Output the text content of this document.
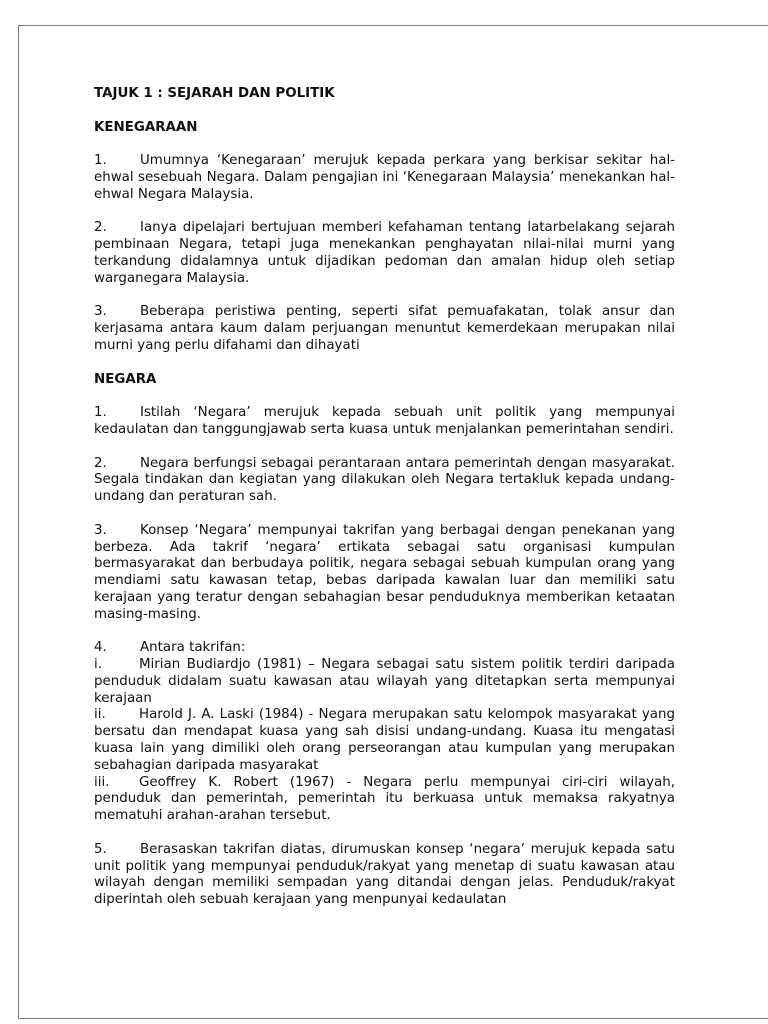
TAJUK 1 : SEJARAH DAN POLITIK
KENEGARAAN

1. Umumnya ‘Kenegaraan’ merujuk kepada perkara yang berkisar sekitar hal-ehwal sesebuah Negara. Dalam pengajian ini ‘Kenegaraan Malaysia’ menekankan hal-ehwal Negara Malaysia.

2. Ianya dipelajari bertujuan memberi kefahaman tentang latarbelakang sejarah pembinaan Negara, tetapi juga menekankan penghayatan nilai-nilai murni yang terkandung didalamnya untuk dijadikan pedoman dan amalan hidup oleh setiap warganegara Malaysia.

3. Beberapa peristiwa penting, seperti sifat pemuafakatan, tolak ansur dan kerjasama antara kaum dalam perjuangan menuntut kemerdekaan merupakan nilai murni yang perlu difahami dan dihayati

NEGARA

1. Istilah ‘Negara’ merujuk kepada sebuah unit politik yang mempunyai kedaulatan dan tanggungjawab serta kuasa untuk menjalankan pemerintahan sendiri.

2. Negara berfungsi sebagai perantaraan antara pemerintah dengan masyarakat. Segala tindakan dan kegiatan yang dilakukan oleh Negara tertakluk kepada undang-undang dan peraturan sah.

3. Konsep ‘Negara’ mempunyai takrifan yang berbagai dengan penekanan yang berbeza. Ada takrif ‘negara’ ertikata sebagai satu organisasi kumpulan bermasyarakat dan berbudaya politik, negara sebagai sebuah kumpulan orang yang mendiami satu kawasan tetap, bebas daripada kawalan luar dan memiliki satu kerajaan yang teratur dengan sebahagian besar penduduknya memberikan ketaatan masing-masing.

4. Antara takrifan:

i.	Mirian Budiardjo (1981) – Negara sebagai satu sistem politik terdiri daripada penduduk didalam suatu kawasan atau wilayah yang ditetapkan serta mempunyai kerajaan

ii. Harold J. A. Laski (1984) - Negara merupakan satu kelompok masyarakat yang bersatu dan mendapat kuasa yang sah disisi undang-undang. Kuasa itu mengatasi kuasa lain yang dimiliki oleh orang perseorangan atau kumpulan yang merupakan sebahagian daripada masyarakat

iii. Geoffrey K. Robert (1967) - Negara perlu mempunyai ciri-ciri wilayah, penduduk dan pemerintah, pemerintah itu berkuasa untuk memaksa rakyatnya mematuhi arahan-arahan tersebut.

5. Berasaskan takrifan diatas, dirumuskan konsep ‘negara’ merujuk kepada satu unit politik yang mempunyai penduduk/rakyat yang menetap di suatu kawasan atau wilayah dengan memiliki sempadan yang ditandai dengan jelas. Penduduk/rakyat diperintah oleh sebuah kerajaan yang menpunyai kedaulatan
